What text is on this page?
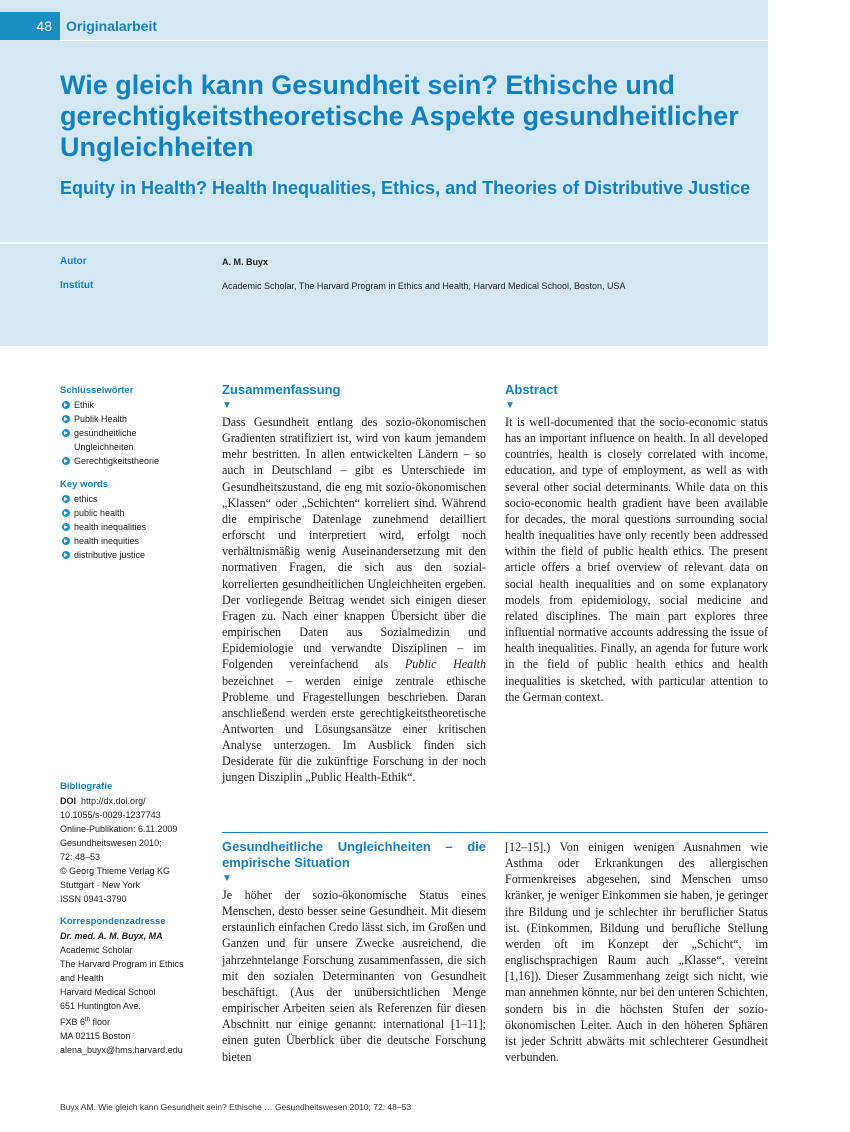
48	Originalarbeit
Wie gleich kann Gesundheit sein? Ethische und gerechtigkeitstheoretische Aspekte gesundheitlicher Ungleichheiten
Equity in Health? Health Inequalities, Ethics, and Theories of Distributive Justice
Autor	A. M. Buyx
Institut	Academic Scholar, The Harvard Program in Ethics and Health, Harvard Medical School, Boston, USA
Schlüsselwörter
Ethik
Publik Health
gesundheitliche Ungleichheiten
Gerechtigkeitstheorie
Key words
ethics
public health
health inequalities
health inequities
distributive justice
Bibliografie
DOI http://dx.doi.org/
10.1055/s-0029-1237743
Online-Publikation: 6.11.2009
Gesundheitswesen 2010;
72: 48–53
© Georg Thieme Verlag KG
Stuttgart · New York
ISSN 0941-3790
Korrespondenzadresse
Dr. med. A. M. Buyx, MA
Academic Scholar
The Harvard Program in Ethics
and Health
Harvard Medical School
651 Huntington Ave.
FXB 6th floor
MA 02115 Boston
alena_buyx@hms.harvard.edu
Zusammenfassung
▼

Dass Gesundheit entlang des sozio-ökonomischen Gradienten stratifiziert ist, wird von kaum jemandem mehr bestritten. In allen entwickelten Ländern – so auch in Deutschland – gibt es Unterschiede im Gesundheitszustand, die eng mit sozio-ökonomischen „Klassen“ oder „Schichten“ korreliert sind. Während die empirische Datenlage zunehmend detailliert erforscht und interpretiert wird, erfolgt noch verhältnismäßig wenig Auseinandersetzung mit den normativen Fragen, die sich aus den sozial-korrelierten gesundheitlichen Ungleichheiten ergeben. Der vorliegende Beitrag wendet sich einigen dieser Fragen zu. Nach einer knappen Übersicht über die empirischen Daten aus Sozialmedizin und Epidemiologie und verwandte Disziplinen – im Folgenden vereinfachend als Public Health bezeichnet – werden einige zentrale ethische Probleme und Fragestellungen beschrieben. Daran anschließend werden erste gerechtigkeitstheoretische Antworten und Lösungsansätze einer kritischen Analyse unterzogen. Im Ausblick finden sich Desiderate für die zukünftige Forschung in der noch jungen Disziplin „Public Health-Ethik“.

Abstract
▼

It is well-documented that the socio-economic status has an important influence on health. In all developed countries, health is closely correlated with income, education, and type of employment, as well as with several other social determinants. While data on this socio-economic health gradient have been available for decades, the moral questions surrounding social health inequalities have only recently been addressed within the field of public health ethics. The present article offers a brief overview of relevant data on social health inequalities and on some explanatory models from epidemiology, social medicine and related disciplines. The main part explores three influential normative accounts addressing the issue of health inequalities. Finally, an agenda for future work in the field of public health ethics and health inequalities is sketched, with particular attention to the German context.

Gesundheitliche Ungleichheiten – die empirische Situation
▼

Je höher der sozio-ökonomische Status eines Menschen, desto besser seine Gesundheit. Mit diesem erstaunlich einfachen Credo lässt sich, im Großen und Ganzen und für unsere Zwecke ausreichend, die jahrzehntelange Forschung zusammenfassen, die sich mit den sozialen Determinanten von Gesundheit beschäftigt. (Aus der unübersichtlichen Menge empirischer Arbeiten seien als Referenzen für diesen Abschnitt nur einige genannt: international [1–11]; einen guten Überblick über die deutsche Forschung bieten

[12–15].) Von einigen wenigen Ausnahmen wie Asthma oder Erkrankungen des allergischen Formenkreises abgesehen, sind Menschen umso kränker, je weniger Einkommen sie haben, je geringer ihre Bildung und je schlechter ihr beruflicher Status ist. (Einkommen, Bildung und berufliche Stellung werden oft im Konzept der „Schicht“, im englischsprachigen Raum auch „Klasse“, vereint [1,16]). Dieser Zusammenhang zeigt sich nicht, wie man annehmen könnte, nur bei den unteren Schichten, sondern bis in die höchsten Stufen der sozio-ökonomischen Leiter. Auch in den höheren Sphären ist jeder Schritt abwärts mit schlechterer Gesundheit verbunden.

Buyx AM. Wie gleich kann Gesundheit sein? Ethische … Gesundheitswesen 2010; 72: 48–53
